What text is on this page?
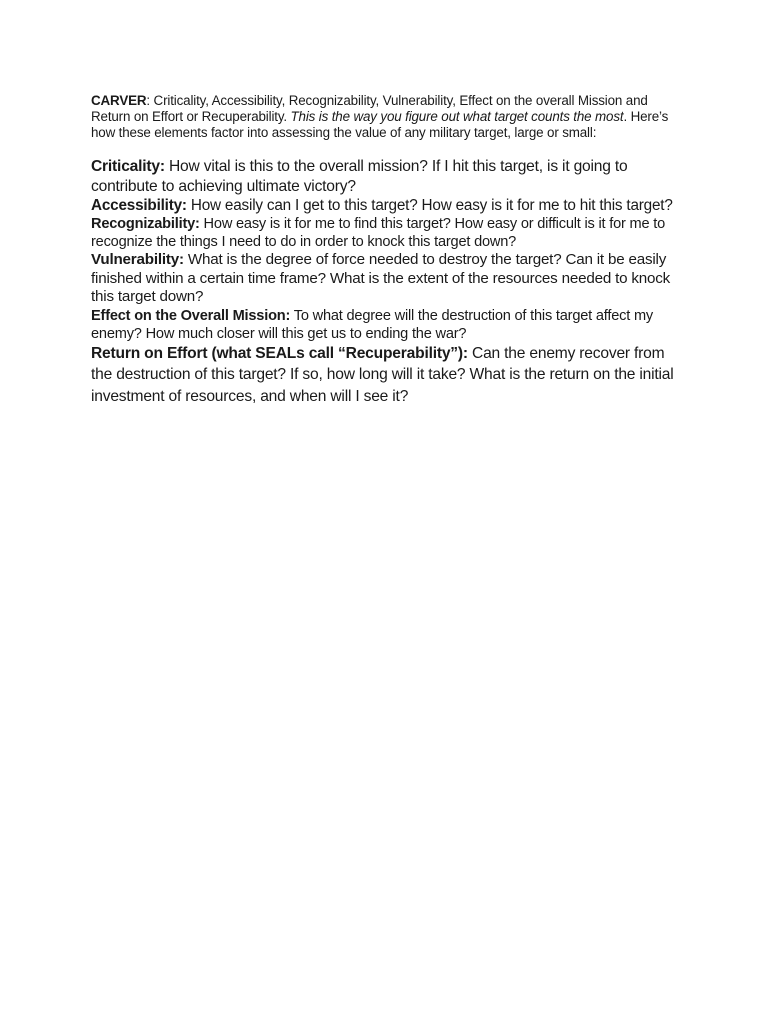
CARVER: Criticality, Accessibility, Recognizability, Vulnerability, Effect on the overall Mission and Return on Effort or Recuperability. This is the way you figure out what target counts the most. Here’s how these elements factor into assessing the value of any military target, large or small:

Criticality: How vital is this to the overall mission? If I hit this target, is it going to contribute to achieving ultimate victory?

Accessibility: How easily can I get to this target? How easy is it for me to hit this target?

Recognizability: How easy is it for me to find this target? How easy or difficult is it for me to recognize the things I need to do in order to knock this target down?

Vulnerability: What is the degree of force needed to destroy the target? Can it be easily finished within a certain time frame? What is the extent of the resources needed to knock this target down?

Effect on the Overall Mission: To what degree will the destruction of this target affect my enemy? How much closer will this get us to ending the war?

Return on Effort (what SEALs call “Recuperability”): Can the enemy recover from the destruction of this target? If so, how long will it take? What is the return on the initial investment of resources, and when will I see it?
